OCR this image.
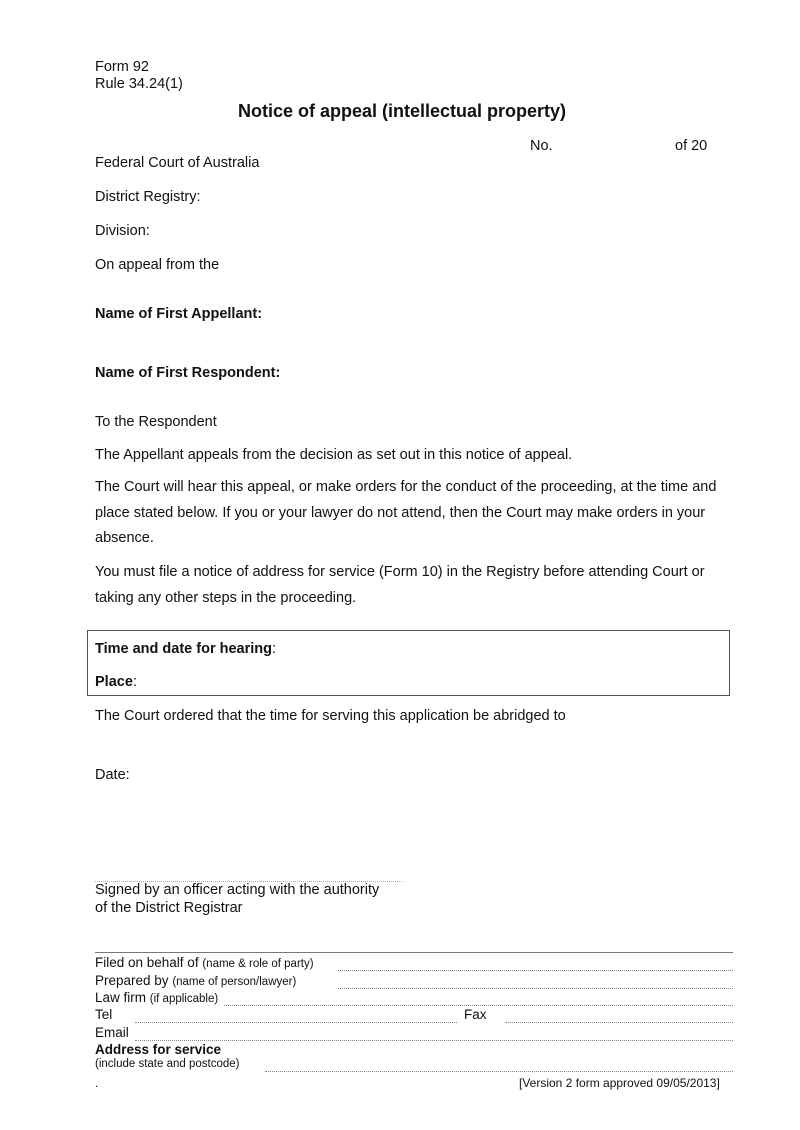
Form 92
Rule 34.24(1)
Notice of appeal (intellectual property)
No.	of 20
Federal Court of Australia
District Registry:
Division:
On appeal from the
Name of First Appellant:
Name of First Respondent:
To the Respondent
The Appellant appeals from the decision as set out in this notice of appeal.
The Court will hear this appeal, or make orders for the conduct of the proceeding, at the time and place stated below. If you or your lawyer do not attend, then the Court may make orders in your absence.
You must file a notice of address for service (Form 10) in the Registry before attending Court or taking any other steps in the proceeding.
Time and date for hearing:
Place:
The Court ordered that the time for serving this application be abridged to
Date:
Signed by an officer acting with the authority
of the District Registrar
Filed on behalf of (name & role of party)
Prepared by (name of person/lawyer)
Law firm (if applicable)
Tel	Fax
Email
Address for service
(include state and postcode)
.	[Version 2 form approved 09/05/2013]
